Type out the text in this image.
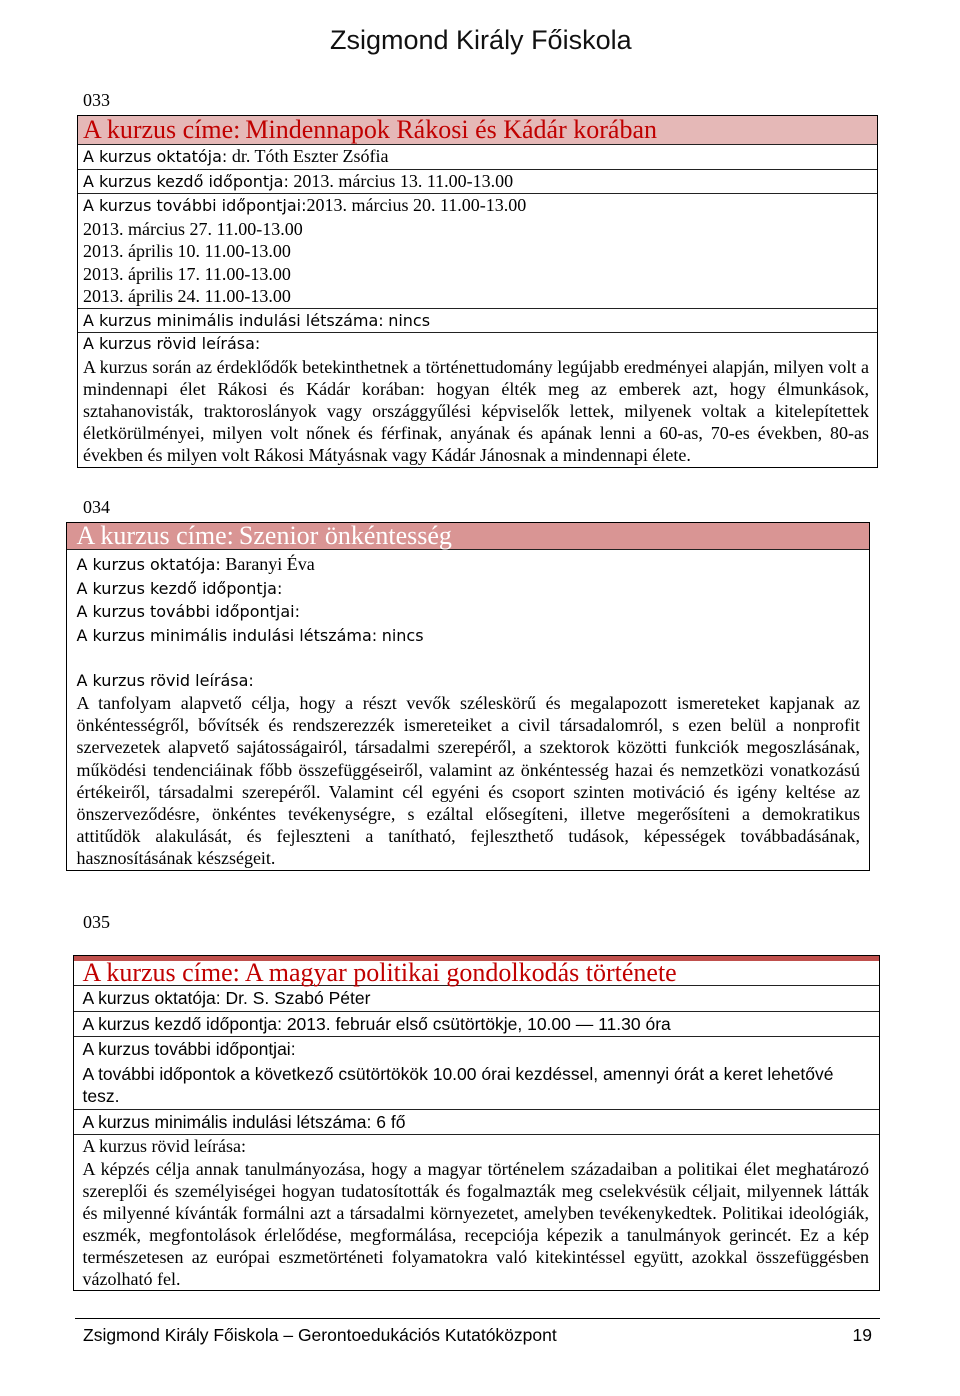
Zsigmond Király Főiskola
033
A kurzus címe: Mindennapok Rákosi és Kádár korában
A kurzus oktatója: dr. Tóth Eszter Zsófia
A kurzus kezdő időpontja: 2013. március 13. 11.00-13.00
A kurzus további időpontjai:2013. március 20. 11.00-13.00
2013. március 27. 11.00-13.00
2013. április 10. 11.00-13.00
2013. április 17. 11.00-13.00
2013. április 24. 11.00-13.00
A kurzus minimális indulási létszáma: nincs
A kurzus rövid leírása:
A kurzus során az érdeklődők betekinthetnek a történettudomány legújabb eredményei alapján, milyen volt a mindennapi élet Rákosi és Kádár korában: hogyan élték meg az emberek azt, hogy élmunkások, sztahanovisták, traktoroslányok vagy országgyűlési képviselők lettek, milyenek voltak a kitelepítettek életkörülményei, milyen volt nőnek és férfinak, anyának és apának lenni a 60-as, 70-es években, 80-as években és milyen volt Rákosi Mátyásnak vagy Kádár Jánosnak a mindennapi élete.
034
A kurzus címe: Szenior önkéntesség
A kurzus oktatója: Baranyi Éva
A kurzus kezdő időpontja:
A kurzus további időpontjai:
A kurzus minimális indulási létszáma: nincs
A kurzus rövid leírása:
A tanfolyam alapvető célja, hogy a részt vevők széleskörű és megalapozott ismereteket kapjanak az önkéntességről, bővítsék és rendszerezzék ismereteiket a civil társadalomról, s ezen belül a nonprofit szervezetek alapvető sajátosságairól, társadalmi szerepéről, a szektorok közötti funkciók megoszlásának, működési tendenciáinak főbb összefüggéseiről, valamint az önkéntesség hazai és nemzetközi vonatkozású értékeiről, társadalmi szerepéről. Valamint cél egyéni és csoport szinten motiváció és igény keltése az önszerveződésre, önkéntes tevékenységre, s ezáltal elősegíteni, illetve megerősíteni a demokratikus attitűdök alakulását, és fejleszteni a tanítható, fejleszthető tudások, képességek továbbadásának, hasznosításának készségeit.
035
A kurzus címe: A magyar politikai gondolkodás története
A kurzus oktatója: Dr. S. Szabó Péter
A kurzus kezdő időpontja: 2013. február első csütörtökje, 10.00 — 11.30 óra
A kurzus további időpontjai:
A további időpontok a következő csütörtökök 10.00 órai kezdéssel, amennyi órát a keret lehetővé tesz.
A kurzus minimális indulási létszáma: 6 fő
A kurzus rövid leírása:
A képzés célja annak tanulmányozása, hogy a magyar történelem századaiban a politikai élet meghatározó szereplői és személyiségei hogyan tudatosították és fogalmazták meg cselekvésük céljait, milyennek látták és milyenné kívánták formálni azt a társadalmi környezetet, amelyben tevékenykedtek. Politikai ideológiák, eszmék, megfontolások érlelődése, megformálása, recepciója képezik a tanulmányok gerincét. Ez a kép természetesen az európai eszmetörténeti folyamatokra való kitekintéssel együtt, azokkal összefüggésben vázolható fel.
Zsigmond Király Főiskola – Gerontoedukációs Kutatóközpont	19
